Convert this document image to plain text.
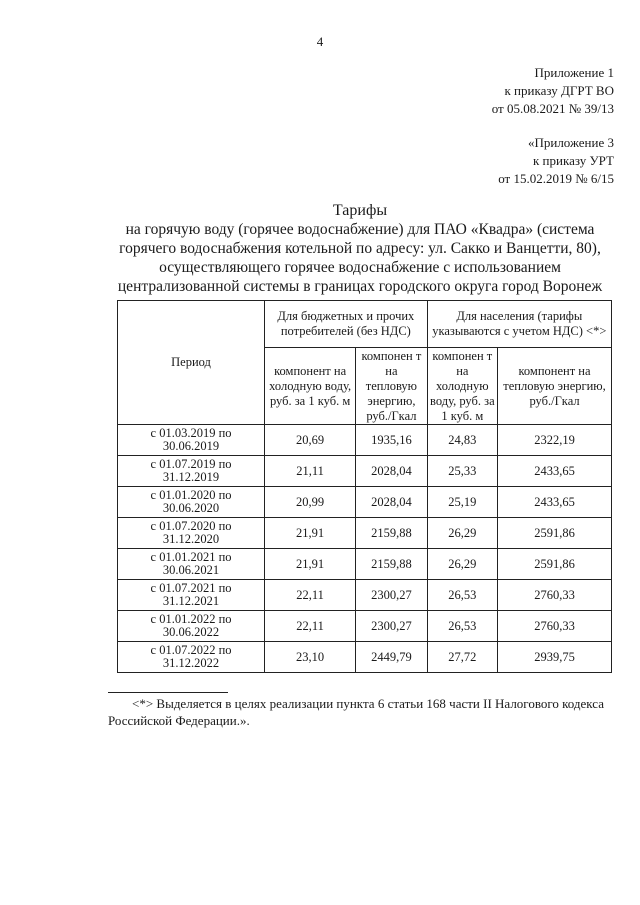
4
Приложение 1
к приказу ДГРТ ВО
от 05.08.2021 № 39/13
«Приложение 3
к приказу УРТ
от 15.02.2019 № 6/15
Тарифы
на горячую воду (горячее водоснабжение) для ПАО «Квадра» (система
горячего водоснабжения котельной по адресу: ул. Сакко и Ванцетти, 80),
осуществляющего горячее водоснабжение с использованием
централизованной системы в границах городского округа город Воронеж
Период	Для бюджетных и прочих потребителей (без НДС)		Для населения (тарифы указываются с учетом НДС) <*>	
	компонент на холодную воду, руб. за 1 куб. м	компонен т на тепловую энергию, руб./Гкал	компонен т на холодную воду, руб. за 1 куб. м	компонент на тепловую энергию, руб./Гкал
с 01.03.2019 по
30.06.2019	20,69	1935,16	24,83	2322,19
с 01.07.2019 по
31.12.2019	21,11	2028,04	25,33	2433,65
с 01.01.2020 по
30.06.2020	20,99	2028,04	25,19	2433,65
с 01.07.2020 по
31.12.2020	21,91	2159,88	26,29	2591,86
с 01.01.2021 по
30.06.2021	21,91	2159,88	26,29	2591,86
с 01.07.2021 по
31.12.2021	22,11	2300,27	26,53	2760,33
с 01.01.2022 по
30.06.2022	22,11	2300,27	26,53	2760,33
с 01.07.2022 по
31.12.2022	23,10	2449,79	27,72	2939,75
<*> Выделяется в целях реализации пункта 6 статьи 168 части II Налогового кодекса Российской Федерации.».
